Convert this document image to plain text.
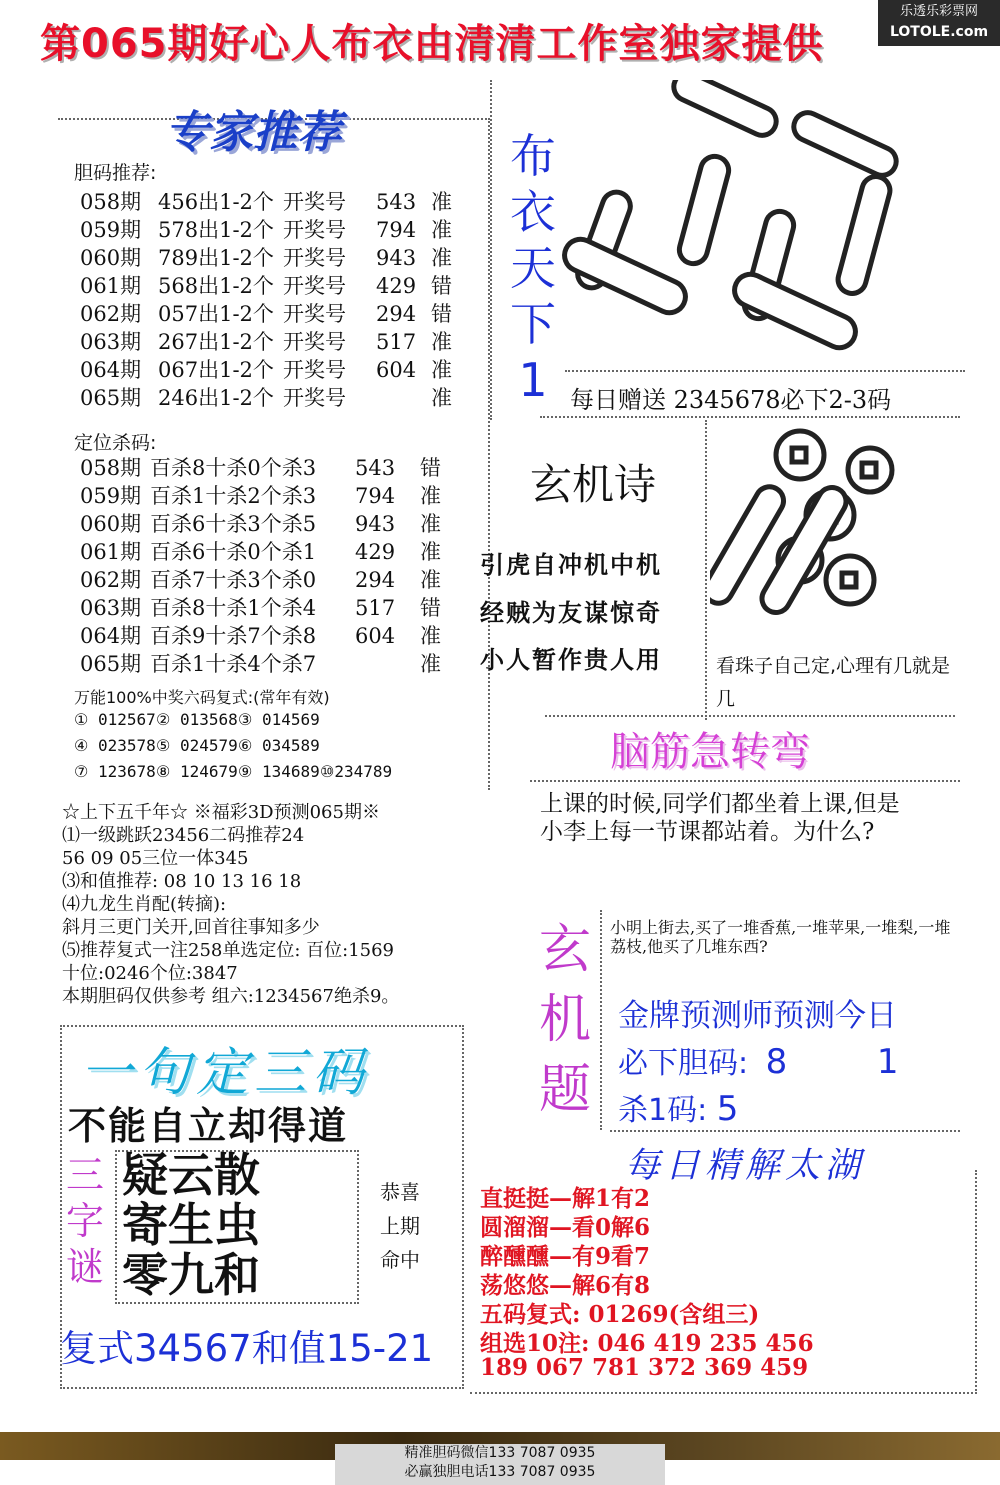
第065期好心人布衣由清清工作室独家提供
乐透乐彩票网
LOTOLE.com
专家推荐
胆码推荐:
058期 456出1-2个 开奖号 543 准
059期 578出1-2个 开奖号 794 准
060期 789出1-2个 开奖号 943 准
061期 568出1-2个 开奖号 429 错
062期 057出1-2个 开奖号 294 错
063期 267出1-2个 开奖号 517 准
064期 067出1-2个 开奖号 604 准
065期 246出1-2个 开奖号	准
定位杀码:
058期 百杀8十杀0个杀3 543 错
059期 百杀1十杀2个杀3 794 准
060期 百杀6十杀3个杀5 943 准
061期 百杀6十杀0个杀1 429 准
062期 百杀7十杀3个杀0 294 准
063期 百杀8十杀1个杀4 517 错
064期 百杀9十杀7个杀8 604 准
065期 百杀1十杀4个杀7	准
万能100%中奖六码复式:(常年有效)
① 012567② 013568③ 014569
④ 023578⑤ 024579⑥ 034589
⑦ 123678⑧ 124679⑨ 134689⑩234789
☆上下五千年☆ ※福彩3D预测065期※
⑴一级跳跃23456二码推荐24
56 09 05三位一体345
⑶和值推荐: 08 10 13 16 18
⑷九龙生肖配(转摘):
斜月三更门关开,回首往事知多少
⑸推荐复式一注258单选定位: 百位:1569
十位:0246个位:3847
本期胆码仅供参考 组六:1234567绝杀9。
布
衣
天
下
1 每日赠送 2345678必下2-3码
玄机诗
引虎自冲机中机
经贼为友谋惊奇
小人暂作贵人用	看珠子自己定,心理有几就是几
脑筋急转弯
上课的时候,同学们都坐着上课,但是小李上每一节课都站着。为什么?
玄
机
题
小明上街去,买了一堆香蕉,一堆苹果,一堆梨,一堆荔枝,他买了几堆东西?
金牌预测师预测今日
必下胆码: 8	1
杀1码: 5
每日精解太湖
直挺挺—解1有2
圆溜溜—看0解6
醉醺醺—有9看7
荡悠悠—解6有8
五码复式: 01269(含组三)
组选10注: 046 419 235 456
189 067 781 372 369 459
一句定三码
不能自立却得道
三
字
谜
疑云散
寄生虫
零九和
恭喜
上期
命中
复式34567和值15-21
精准胆码微信133 7087 0935
必赢独胆电话133 7087 0935
